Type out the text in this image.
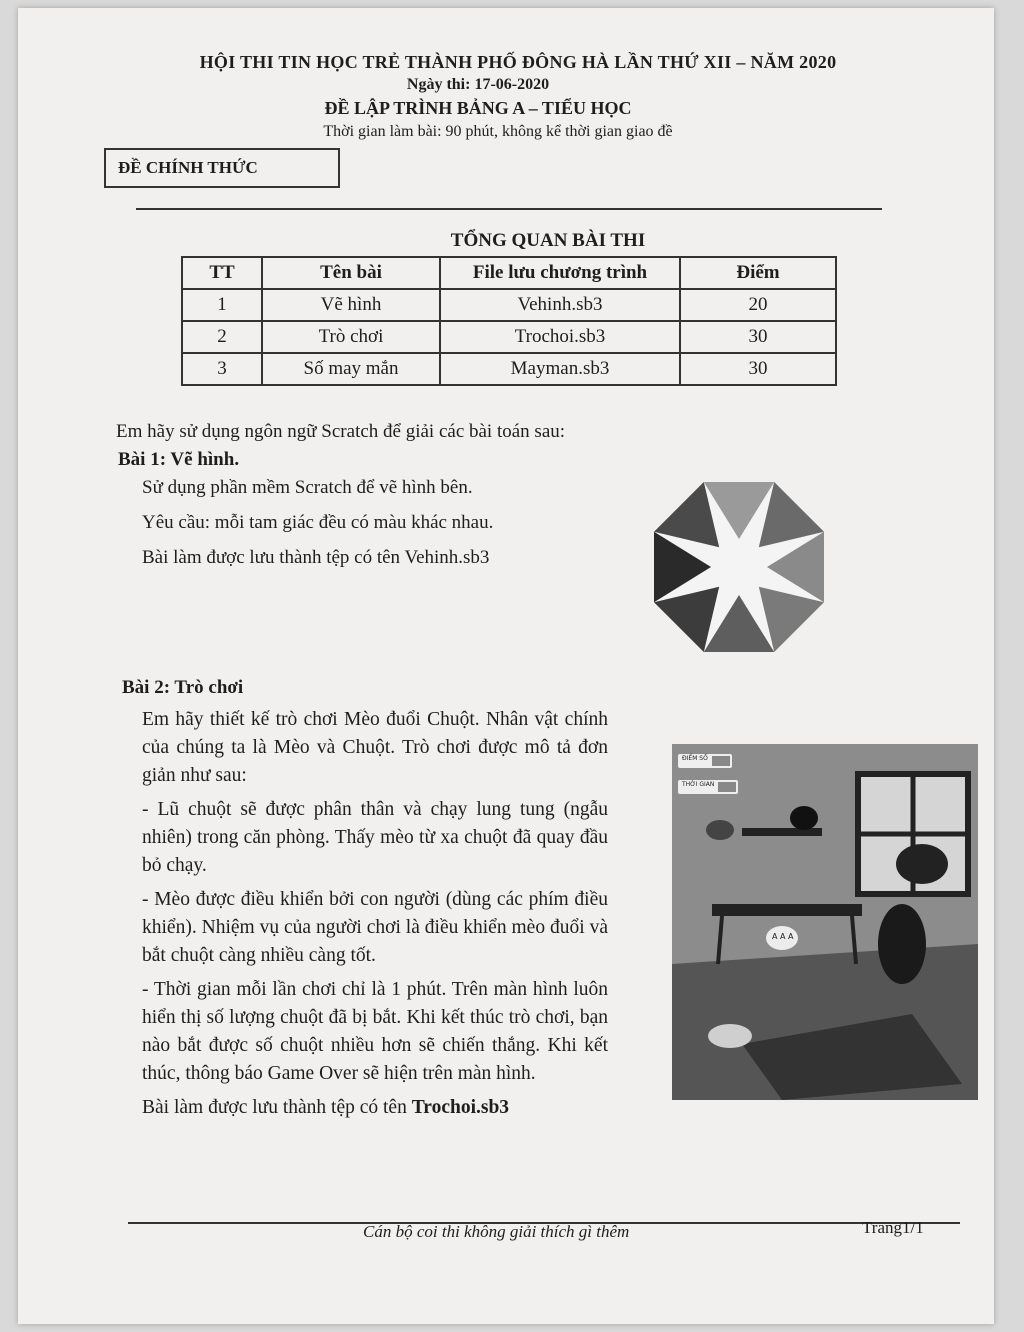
HỘI THI TIN HỌC TRẺ THÀNH PHỐ ĐÔNG HÀ LẦN THỨ XII – NĂM 2020
Ngày thi: 17-06-2020
ĐỀ LẬP TRÌNH BẢNG A – TIỂU HỌC
Thời gian làm bài: 90 phút, không kể thời gian giao đề
ĐỀ CHÍNH THỨC
TỔNG QUAN BÀI THI
TT	Tên bài	File lưu chương trình	Điểm
1	Vẽ hình	Vehinh.sb3	20
2	Trò chơi	Trochoi.sb3	30
3	Số may mắn	Mayman.sb3	30
Em hãy sử dụng ngôn ngữ Scratch để giải các bài toán sau:
Bài 1: Vẽ hình.

Sử dụng phần mềm Scratch để vẽ hình bên.

Yêu cầu: mỗi tam giác đều có màu khác nhau.

Bài làm được lưu thành tệp có tên Vehinh.sb3

Bài 2: Trò chơi

Em hãy thiết kế trò chơi Mèo đuổi Chuột. Nhân vật chính của chúng ta là Mèo và Chuột. Trò chơi được mô tả đơn giản như sau:

- Lũ chuột sẽ được phân thân và chạy lung tung (ngẫu nhiên) trong căn phòng. Thấy mèo từ xa chuột đã quay đầu bỏ chạy.

- Mèo được điều khiển bởi con người (dùng các phím điều khiển). Nhiệm vụ của người chơi là điều khiển mèo đuổi và bắt chuột càng nhiều càng tốt.

- Thời gian mỗi lần chơi chỉ là 1 phút. Trên màn hình luôn hiển thị số lượng chuột đã bị bắt. Khi kết thúc trò chơi, bạn nào bắt được số chuột nhiều hơn sẽ chiến thắng. Khi kết thúc, thông báo Game Over sẽ hiện trên màn hình.

Bài làm được lưu thành tệp có tên Trochoi.sb3

ĐIỂM SỐ
THỜI GIAN
A A A
Cán bộ coi thi không giải thích gì thêm	Trang1/1
